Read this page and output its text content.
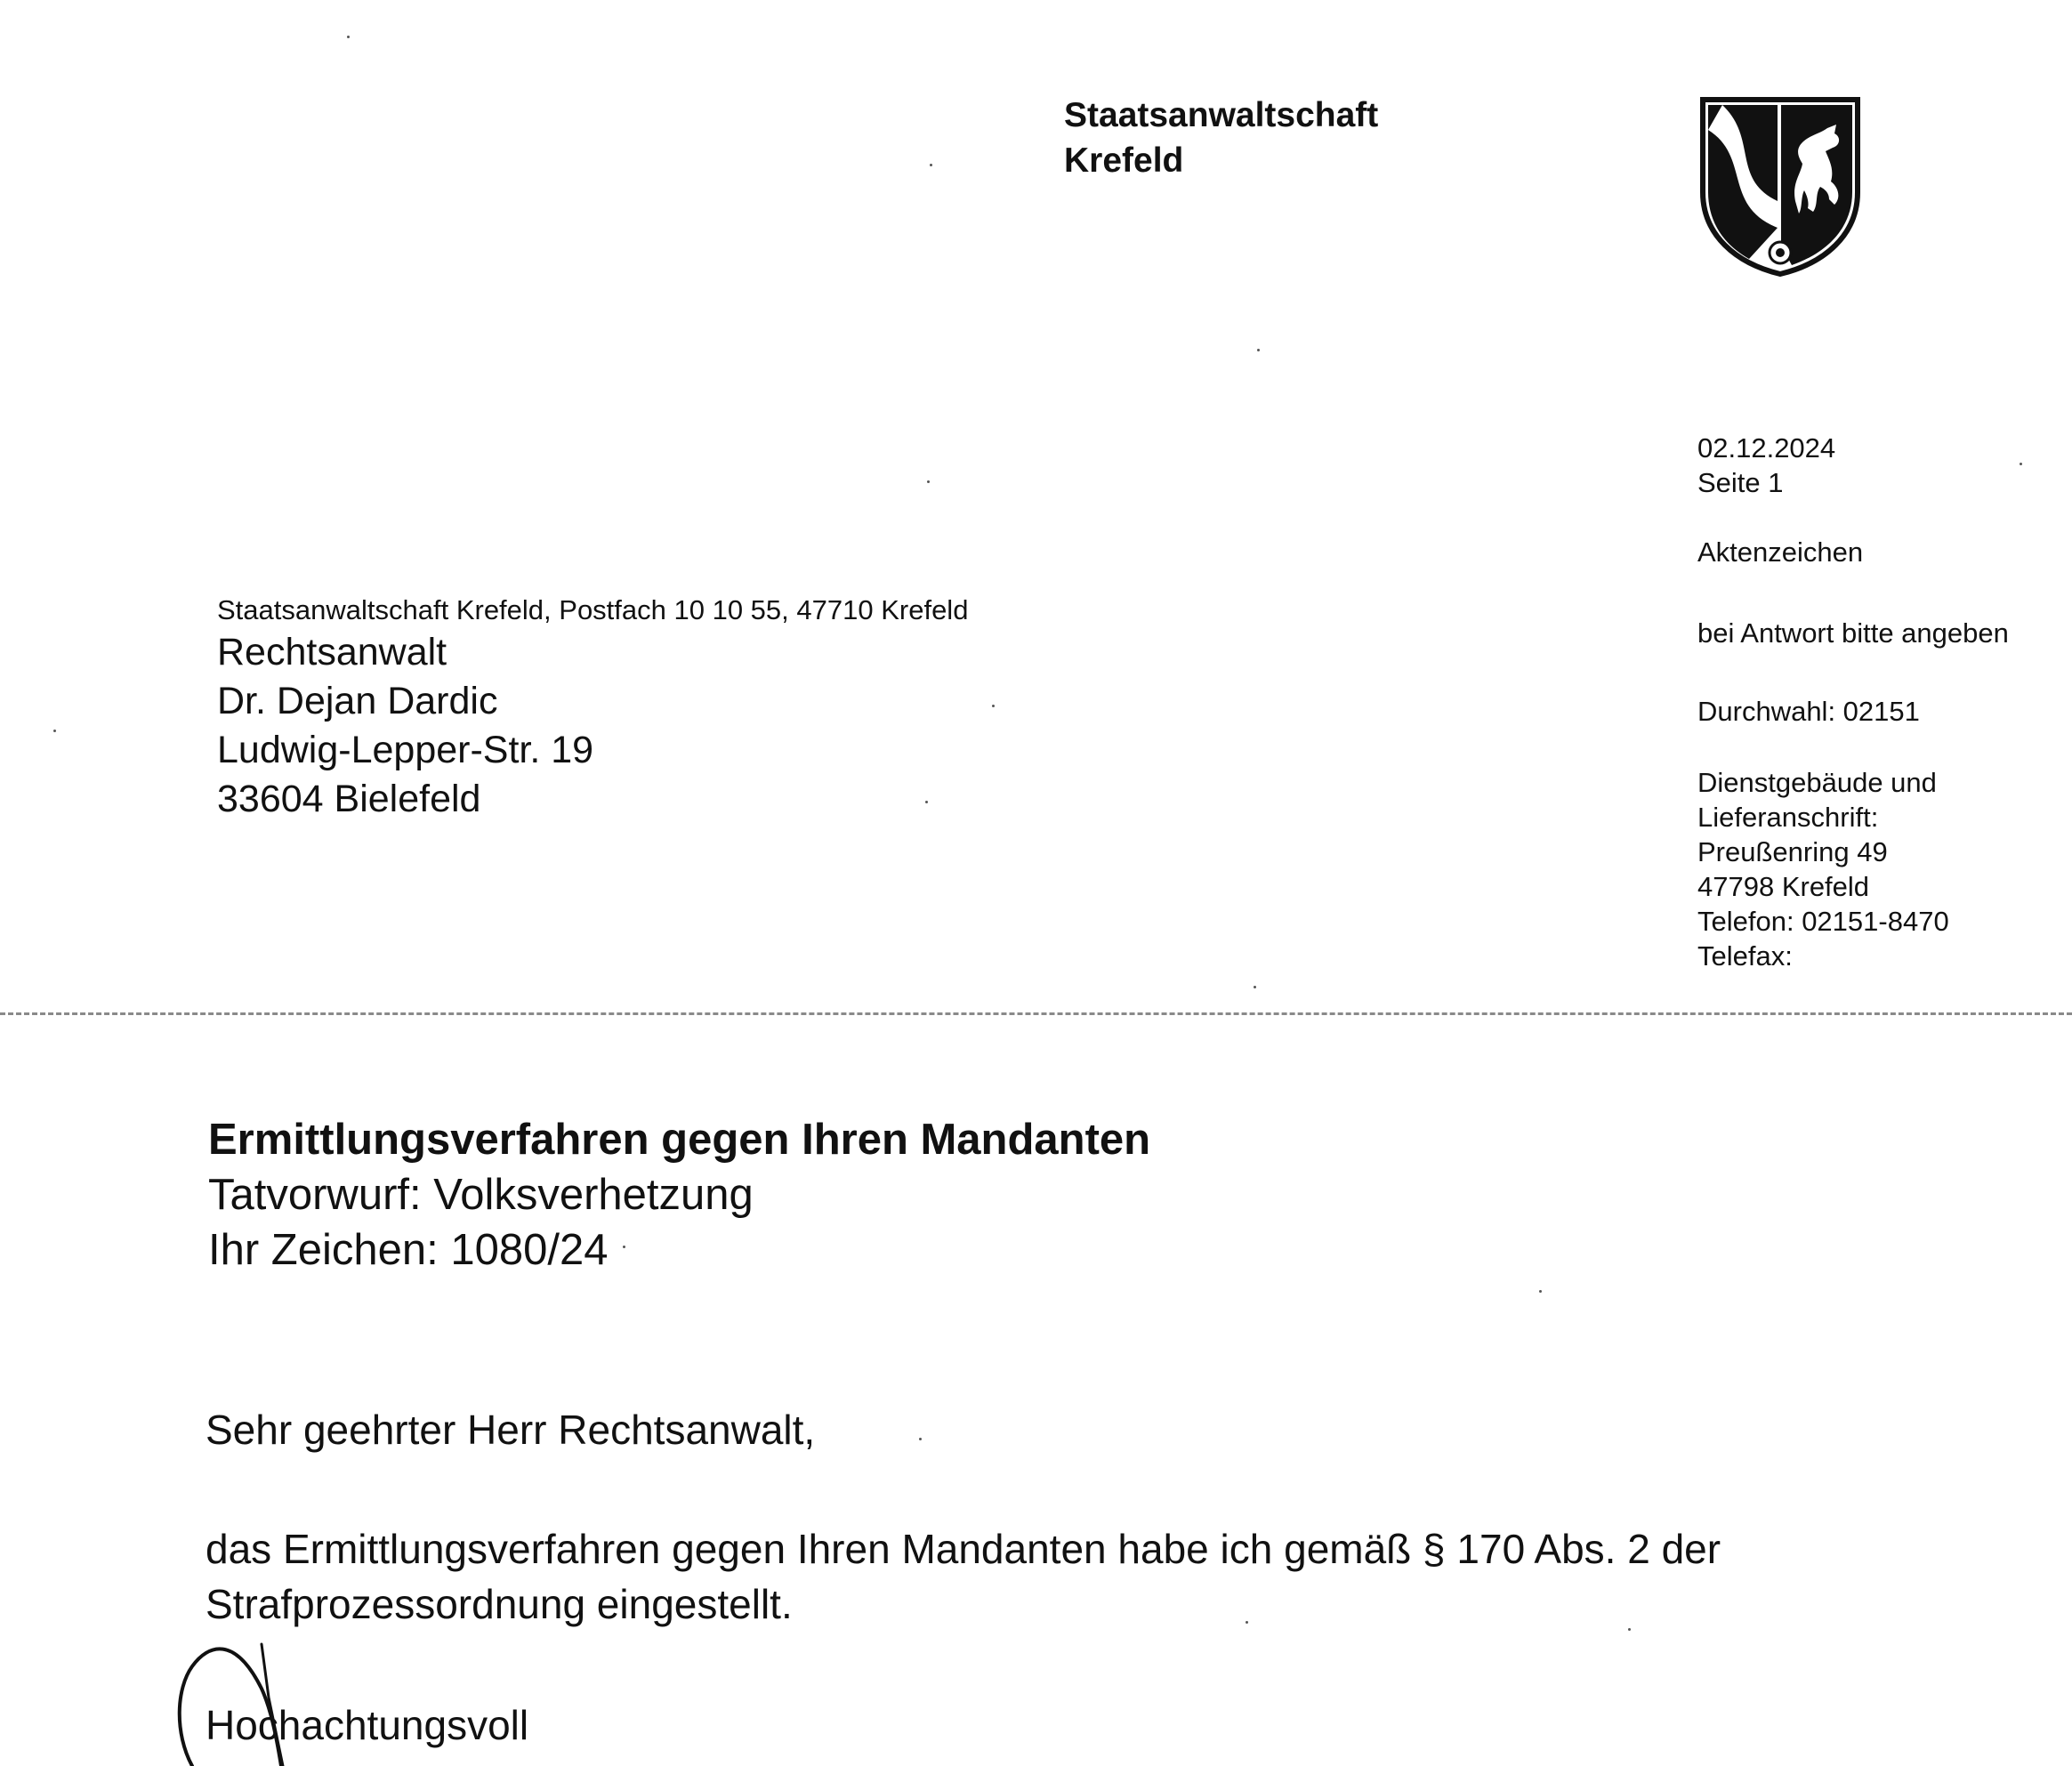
Staatsanwaltschaft
Krefeld
02.12.2024
Seite 1
Aktenzeichen
bei Antwort bitte angeben
Durchwahl: 02151
Dienstgebäude und
Lieferanschrift:
Preußenring 49
47798 Krefeld
Telefon: 02151-8470
Telefax:
Staatsanwaltschaft Krefeld, Postfach 10 10 55, 47710 Krefeld
Rechtsanwalt
Dr. Dejan Dardic
Ludwig-Lepper-Str. 19
33604 Bielefeld
Ermittlungsverfahren gegen Ihren Mandanten
Tatvorwurf: Volksverhetzung
Ihr Zeichen: 1080/24
Sehr geehrter Herr Rechtsanwalt,
das Ermittlungsverfahren gegen Ihren Mandanten habe ich gemäß § 170 Abs. 2 der
Strafprozessordnung eingestellt.
Hochachtungsvoll
